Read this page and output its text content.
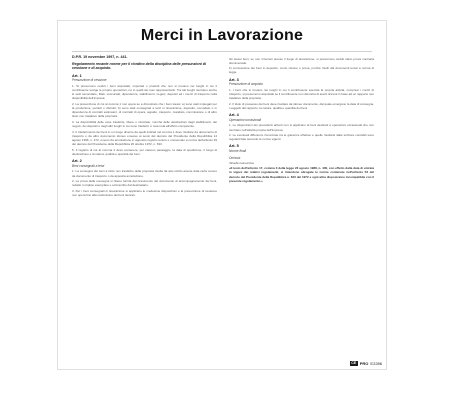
Merci in Lavorazione
D.P.R. 19 novembre 1997, n. 441.
Regolamento recante norme per il riordino della disciplina delle presunzioni di cessione e di acquisto.
Art. 1
Presunzione di cessione
1. Si presumono ceduti i beni acquistati, importati o prodotti che non si trovano nei luoghi in cui il contribuente svolge le proprie operazioni, né in quelli dei suoi rappresentanti. Tra tali luoghi rientrano anche le sedi secondarie, filiali, succursali, dipendenze, stabilimenti, negozi, depositi ed i mezzi di trasporto nella disponibilità dell'impresa.
2. La presunzione di cui al comma 1 non opera se è dimostrato che i beni stessi: a) sono stati impiegati per la produzione, perduti o distrutti; b) sono stati consegnati a terzi in lavorazione, deposito, comodato o in dipendenza di contratti estimatori, di contratti di opera, appalto, trasporto, mandato, commissione o di altro titolo non traslativo della proprietà.
3. La disponibilità delle cose trasferite, libere o vincolate, nonché delle destinazioni degli stabilimenti, dei negozi, dei depositi e degli altri luoghi in cui sono trasferiti, è resa nota all'ufficio competente.
4. Il trasferimento dei beni in un luogo diverso da quelli indicati nel comma 1 deve risultare da documento di trasporto o da altro documento idoneo emesso ai sensi del decreto del Presidente della Repubblica 14 agosto 1996, n. 472, ovvero da annotazione in apposito registro tenuto e conservato a norma dell'articolo 39 del decreto del Presidente della Repubblica 26 ottobre 1972, n. 633.
5. Il registro di cui al comma 4 deve contenere, per ciascun passaggio, la data di spedizione, il luogo di destinazione e la natura, qualità e quantità dei beni.
Art. 2
Beni consegnati a terzi
1. La consegna dei beni a titolo non traslativo della proprietà risulta da atto scritto avente data certa ovvero da documento di trasporto o da apposita annotazione.
2. La prova della consegna si ritiene fornita dal ricevimento del documento di accompagnamento dei beni, redatto in triplice esemplare e sottoscritto dal destinatario.
3. Per i beni consegnati in lavorazione si applicano le medesime disposizioni e la presunzione di cessione non opera fino alla restituzione dei beni lavorati.
Gli stessi beni, se non rinvenuti presso il luogo di lavorazione, si presumono ceduti salvo prova contraria documentale.
b) concessione dei beni in deposito, conto visione o prova, purché risulti dai documenti tenuti a norma di legge.
Art. 3
Presunzione di acquisto
1. I beni che si trovano nei luoghi in cui il contribuente esercita la propria attività, compresi i mezzi di trasporto, si presumono acquistati se il contribuente non dimostra di averli ricevuti in base ad un rapporto non traslativo della proprietà.
2. Il titolo di possesso dei beni deve risultare da idoneo documento, dal quale emergano la data di consegna, i soggetti del rapporto, la natura, qualità e quantità dei beni.
Art. 4
Operazioni occasionali
1. Le disposizioni dei precedenti articoli non si applicano ai beni destinati a operazioni occasionali che non rientrano nell'attività propria dell'impresa.
2. Le eventuali differenze riscontrate tra le giacenze effettive e quelle risultanti dalle scritture contabili sono regolarizzate secondo le norme vigenti.
Art. 5
Norme finali
Omissis
Tabella riassuntiva
«Il testo dell'articolo 17, comma 3 della legge 23 agosto 1988, n. 400, con effetto dalla data di entrata in vigore dei relativi regolamenti, si intendono abrogate le norme contenute nell'articolo 53 del decreto del Presidente della Repubblica n. 633 del 1972 e ogni altra disposizione incompatibile con il presente regolamento.»
CE PRO E2286
